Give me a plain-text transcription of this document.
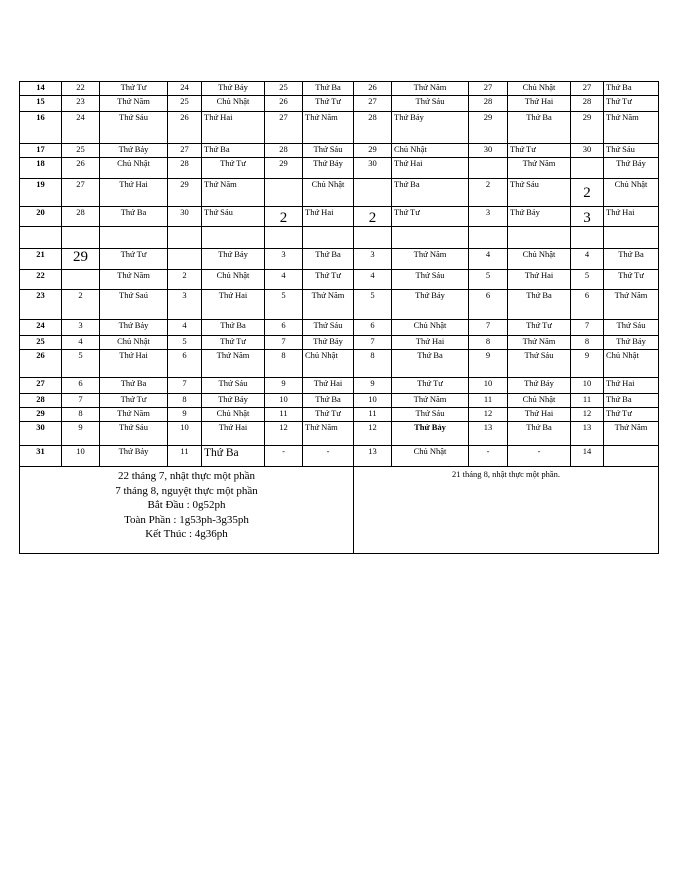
14	22	Thứ Tư	24	Thứ Bảy	25	Thứ Ba	26	Thứ Năm	27	Chủ Nhật	27	Thứ Ba
15	23	Thứ Năm	25	Chủ Nhật	26	Thứ Tư	27	Thứ Sáu	28	Thứ Hai	28	Thứ Tư
16	24	Thứ Sáu	26	Thứ Hai	27	Thứ Năm	28	Thứ Bảy	29	Thứ Ba	29	Thứ Năm
17	25	Thứ Bảy	27	Thứ Ba	28	Thứ Sáu	29	Chủ Nhật	30	Thứ Tư	30	Thứ Sáu
18	26	Chủ Nhật	28	Thứ Tư	29	Thứ Bảy	30	Thứ Hai		Thứ Năm		Thứ Bảy
19	27	Thứ Hai	29	Thứ Năm		Chủ Nhật		Thứ Ba	2	Thứ Sáu	2	Chủ Nhật
20	28	Thứ Ba	30	Thứ Sáu	2	Thứ Hai	2	Thứ Tư	3	Thứ Bảy	3	Thứ Hai

21	29	Thứ Tư		Thứ Bảy	3	Thứ Ba	3	Thứ Năm	4	Chủ Nhật	4	Thứ Ba
22		Thứ Năm	2	Chủ Nhật	4	Thứ Tư	4	Thứ Sáu	5	Thứ Hai	5	Thứ Tư
23	2	Thứ Saú	3	Thứ Hai	5	Thứ Năm	5	Thứ Bảy	6	Thứ Ba	6	Thứ Năm
24	3	Thứ Bảy	4	Thứ Ba	6	Thứ Sáu	6	Chủ Nhật	7	Thứ Tư	7	Thứ Sáu
25	4	Chủ Nhật	5	Thứ Tư	7	Thứ Bảy	7	Thứ Hai	8	Thứ Năm	8	Thứ Bảy
26	5	Thứ Hai	6	Thứ Năm	8	Chủ Nhật	8	Thứ Ba	9	Thứ Sáu	9	Chủ Nhật
27	6	Thứ Ba	7	Thứ Sáu	9	Thứ Hai	9	Thứ Tư	10	Thứ Bảy	10	Thứ Hai
28	7	Thứ Tư	8	Thứ Bảy	10	Thứ Ba	10	Thứ Năm	11	Chủ Nhật	11	Thứ Ba
29	8	Thứ Năm	9	Chủ Nhật	11	Thứ Tư	11	Thứ Sáu	12	Thứ Hai	12	Thứ Tư
30	9	Thứ Sáu	10	Thứ Hai	12	Thứ Năm	12	Thứ Bảy	13	Thứ Ba	13	Thứ Năm
31	10	Thứ Bảy	11	Thứ Ba	-	-	13	Chủ Nhật	-	-	14	

22 tháng 7, nhật thực một phần
7 tháng 8, nguyệt thực một phần
Bắt Đầu : 0g52ph
Toàn Phần : 1g53ph-3g35ph
Kết Thúc : 4g36ph							21 tháng 8, nhật thực một phần.					
